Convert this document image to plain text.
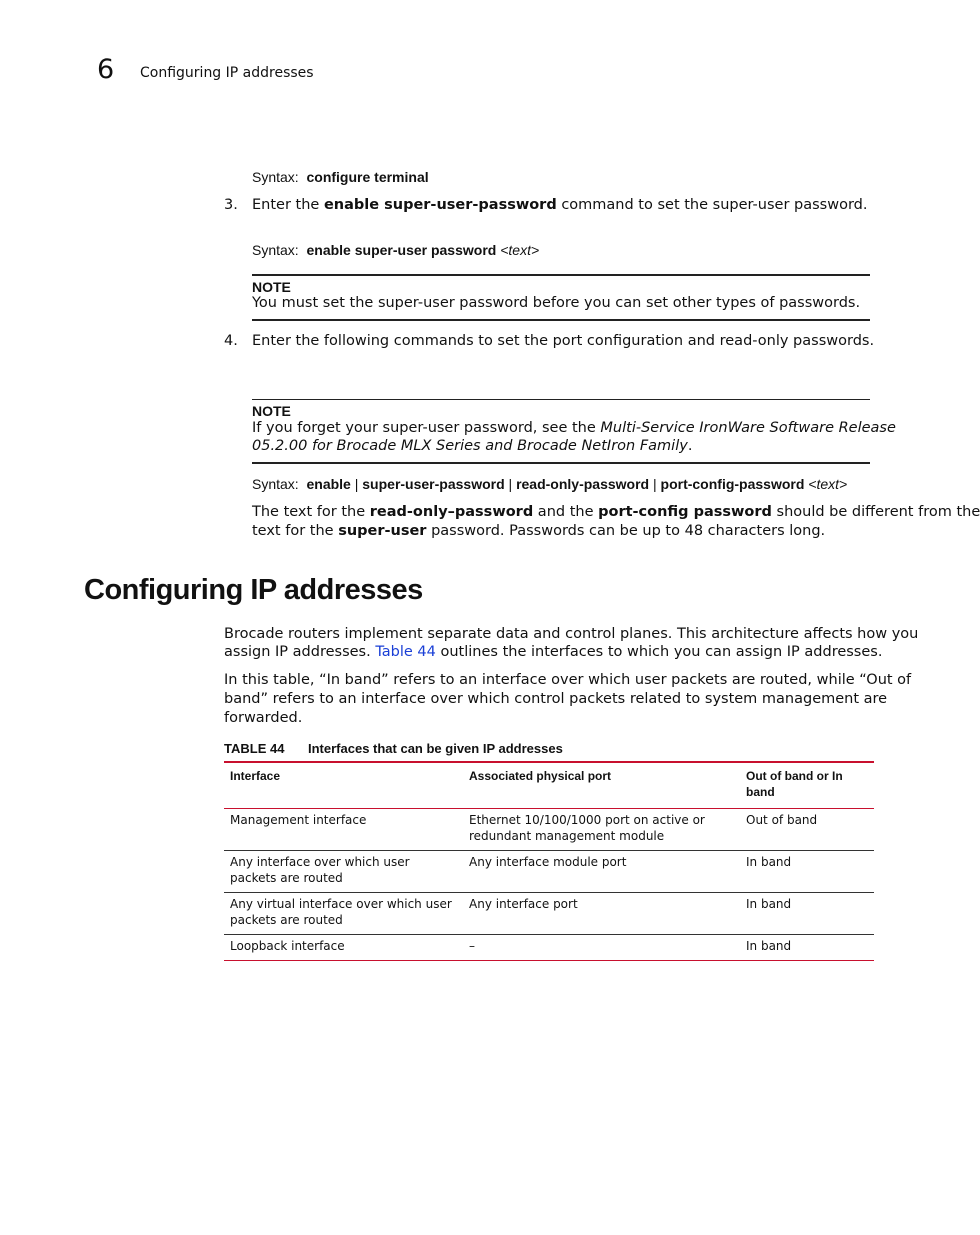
6 Configuring IP addresses
Syntax: configure terminal
3. Enter the enable super-user-password command to set the super-user password.
Syntax: enable super-user password <text>
NOTE
You must set the super-user password before you can set other types of passwords.
4. Enter the following commands to set the port configuration and read-only passwords.
NOTE
If you forget your super-user password, see the Multi-Service IronWare Software Release
05.2.00 for Brocade MLX Series and Brocade NetIron Family.
Syntax: enable | super-user-password | read-only-password | port-config-password <text>
The text for the read-only–password and the port-config password should be different from the
text for the super-user password. Passwords can be up to 48 characters long.
Configuring IP addresses
Brocade routers implement separate data and control planes. This architecture affects how you
assign IP addresses. Table 44 outlines the interfaces to which you can assign IP addresses.
In this table, “In band” refers to an interface over which user packets are routed, while “Out of
band” refers to an interface over which control packets related to system management are
forwarded.
TABLE 44 Interfaces that can be given IP addresses
Interface	Associated physical port	Out of band or In band
Management interface	Ethernet 10/100/1000 port on active or redundant management module	Out of band
Any interface over which user packets are routed	Any interface module port	In band
Any virtual interface over which user packets are routed	Any interface port	In band
Loopback interface	–	In band
